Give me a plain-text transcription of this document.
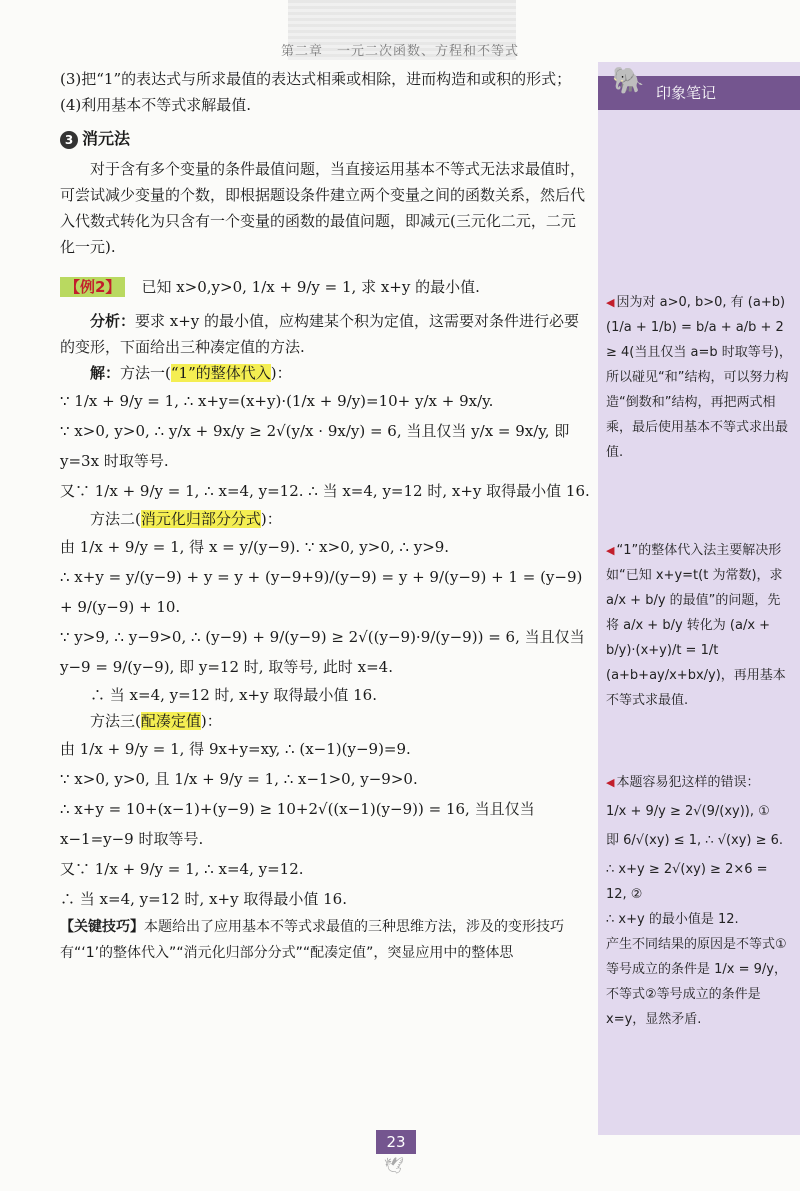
第二章　一元二次函数、方程和不等式

(3)把“1”的表达式与所求最值的表达式相乘或相除，进而构造和或积的形式；

(4)利用基本不等式求解最值.

3 消元法

对于含有多个变量的条件最值问题，当直接运用基本不等式无法求最值时，可尝试减少变量的个数，即根据题设条件建立两个变量之间的函数关系，然后代入代数式转化为只含有一个变量的函数的最值问题，即减元(三元化二元，二元化一元).

【例2】 已知 x>0,y>0, 1/x + 9/y = 1, 求 x+y 的最小值.

分析：要求 x+y 的最小值，应构建某个积为定值，这需要对条件进行必要的变形，下面给出三种凑定值的方法.

解：方法一(“1”的整体代入)：

∵ 1/x + 9/y = 1, ∴ x+y=(x+y)·(1/x + 9/y)=10+ y/x + 9x/y.

∵ x>0, y>0, ∴ y/x + 9x/y ≥ 2√(y/x · 9x/y) = 6, 当且仅当 y/x = 9x/y, 即 y=3x 时取等号.

又∵ 1/x + 9/y = 1, ∴ x=4, y=12. ∴ 当 x=4, y=12 时, x+y 取得最小值 16.

方法二(消元化归部分分式)：

由 1/x + 9/y = 1, 得 x = y/(y−9). ∵ x>0, y>0, ∴ y>9.

∴ x+y = y/(y−9) + y = y + (y−9+9)/(y−9) = y + 9/(y−9) + 1 = (y−9) + 9/(y−9) + 10.

∵ y>9, ∴ y−9>0, ∴ (y−9) + 9/(y−9) ≥ 2√((y−9)·9/(y−9)) = 6, 当且仅当 y−9 = 9/(y−9), 即 y=12 时, 取等号, 此时 x=4.

∴ 当 x=4, y=12 时, x+y 取得最小值 16.

方法三(配凑定值)：

由 1/x + 9/y = 1, 得 9x+y=xy, ∴ (x−1)(y−9)=9.

∵ x>0, y>0, 且 1/x + 9/y = 1, ∴ x−1>0, y−9>0.

∴ x+y = 10+(x−1)+(y−9) ≥ 10+2√((x−1)(y−9)) = 16, 当且仅当 x−1=y−9 时取等号.

又∵ 1/x + 9/y = 1, ∴ x=4, y=12.

∴ 当 x=4, y=12 时, x+y 取得最小值 16.

【关键技巧】本题给出了应用基本不等式求最值的三种思维方法，涉及的变形技巧有“‘1’的整体代入”“消元化归部分分式”“配凑定值”，突显应用中的整体思

🐘 印象笔记
◀ 因为对 a>0, b>0, 有 (a+b)(1/a + 1/b) = b/a + a/b + 2 ≥ 4(当且仅当 a=b 时取等号)，所以碰见“和”结构，可以努力构造“倒数和”结构，再把两式相乘，最后使用基本不等式求出最值.
◀ “1”的整体代入法主要解决形如“已知 x+y=t(t 为常数)，求 a/x + b/y 的最值”的问题，先将 a/x + b/y 转化为 (a/x + b/y)·(x+y)/t = 1/t (a+b+ay/x+bx/y)，再用基本不等式求最值.
◀ 本题容易犯这样的错误：
1/x + 9/y ≥ 2√(9/(xy)), ①
即 6/√(xy) ≤ 1, ∴ √(xy) ≥ 6.
∴ x+y ≥ 2√(xy) ≥ 2×6 = 12, ②
∴ x+y 的最小值是 12.
产生不同结果的原因是不等式①等号成立的条件是 1/x = 9/y，不等式②等号成立的条件是 x=y，显然矛盾.
23
🕊
